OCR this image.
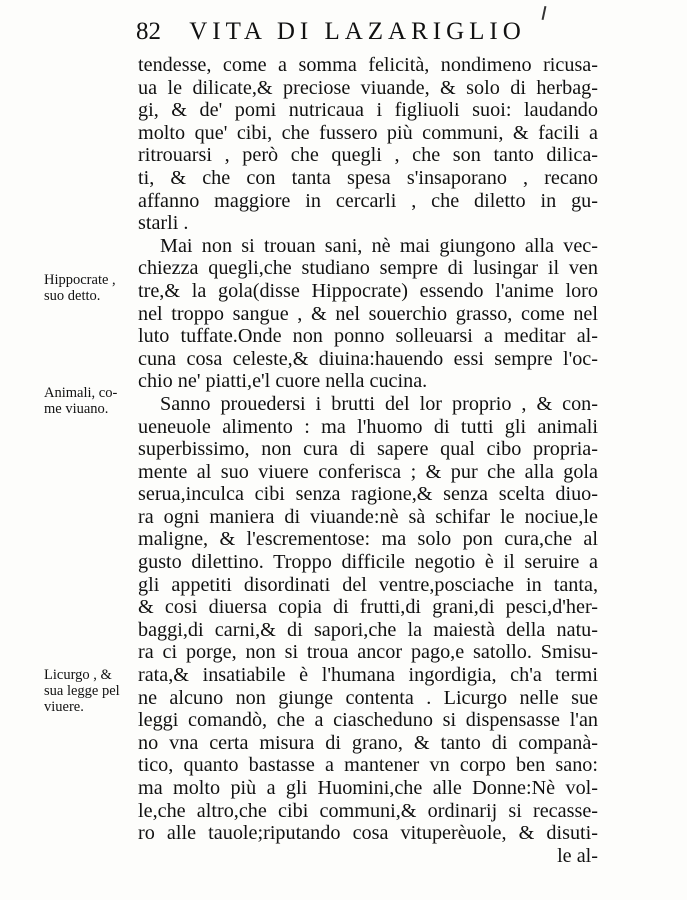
82 VITA DI LAZARIGLIO
tendesse, come a somma felicità, nondimeno ricusa-
ua le dilicate,& preciose viuande, & solo di herbag-
gi, & de' pomi nutricaua i figliuoli suoi: laudando
molto que' cibi, che fussero più communi, & facili a
ritrouarsi , però che quegli , che son tanto dilica-
ti, & che con tanta spesa s'insaporano , recano
affanno maggiore in cercarli , che diletto in gu-
starli .
Mai non si trouan sani, nè mai giungono alla vec-
chiezza quegli,che studiano sempre di lusingar il ven
tre,& la gola(disse Hippocrate) essendo l'anime loro
nel troppo sangue , & nel souerchio grasso, come nel
luto tuffate.Onde non ponno solleuarsi a meditar al-
cuna cosa celeste,& diuina:hauendo essi sempre l'oc-
chio ne' piatti,e'l cuore nella cucina.
Sanno prouedersi i brutti del lor proprio , & con-
ueneuole alimento : ma l'huomo di tutti gli animali
superbissimo, non cura di sapere qual cibo propria-
mente al suo viuere conferisca ; & pur che alla gola
serua,inculca cibi senza ragione,& senza scelta diuo-
ra ogni maniera di viuande:nè sà schifar le nociue,le
maligne, & l'escrementose: ma solo pon cura,che al
gusto dilettino. Troppo difficile negotio è il seruire a
gli appetiti disordinati del ventre,posciache in tanta,
& cosi diuersa copia di frutti,di grani,di pesci,d'her-
baggi,di carni,& di sapori,che la maiestà della natu-
ra ci porge, non si troua ancor pago,e satollo. Smisu-
rata,& insatiabile è l'humana ingordigia, ch'a termi
ne alcuno non giunge contenta . Licurgo nelle sue
leggi comandò, che a ciascheduno si dispensasse l'an
no vna certa misura di grano, & tanto di companà-
tico, quanto bastasse a mantener vn corpo ben sano:
ma molto più a gli Huomini,che alle Donne:Nè vol-
le,che altro,che cibi communi,& ordinarij si recasse-
ro alle tauole;riputando cosa vituperèuole, & disuti-
le al-
Hippocrate ,
suo detto.
Animali, co-
me viuano.
Licurgo , &
sua legge pel
viuere.
